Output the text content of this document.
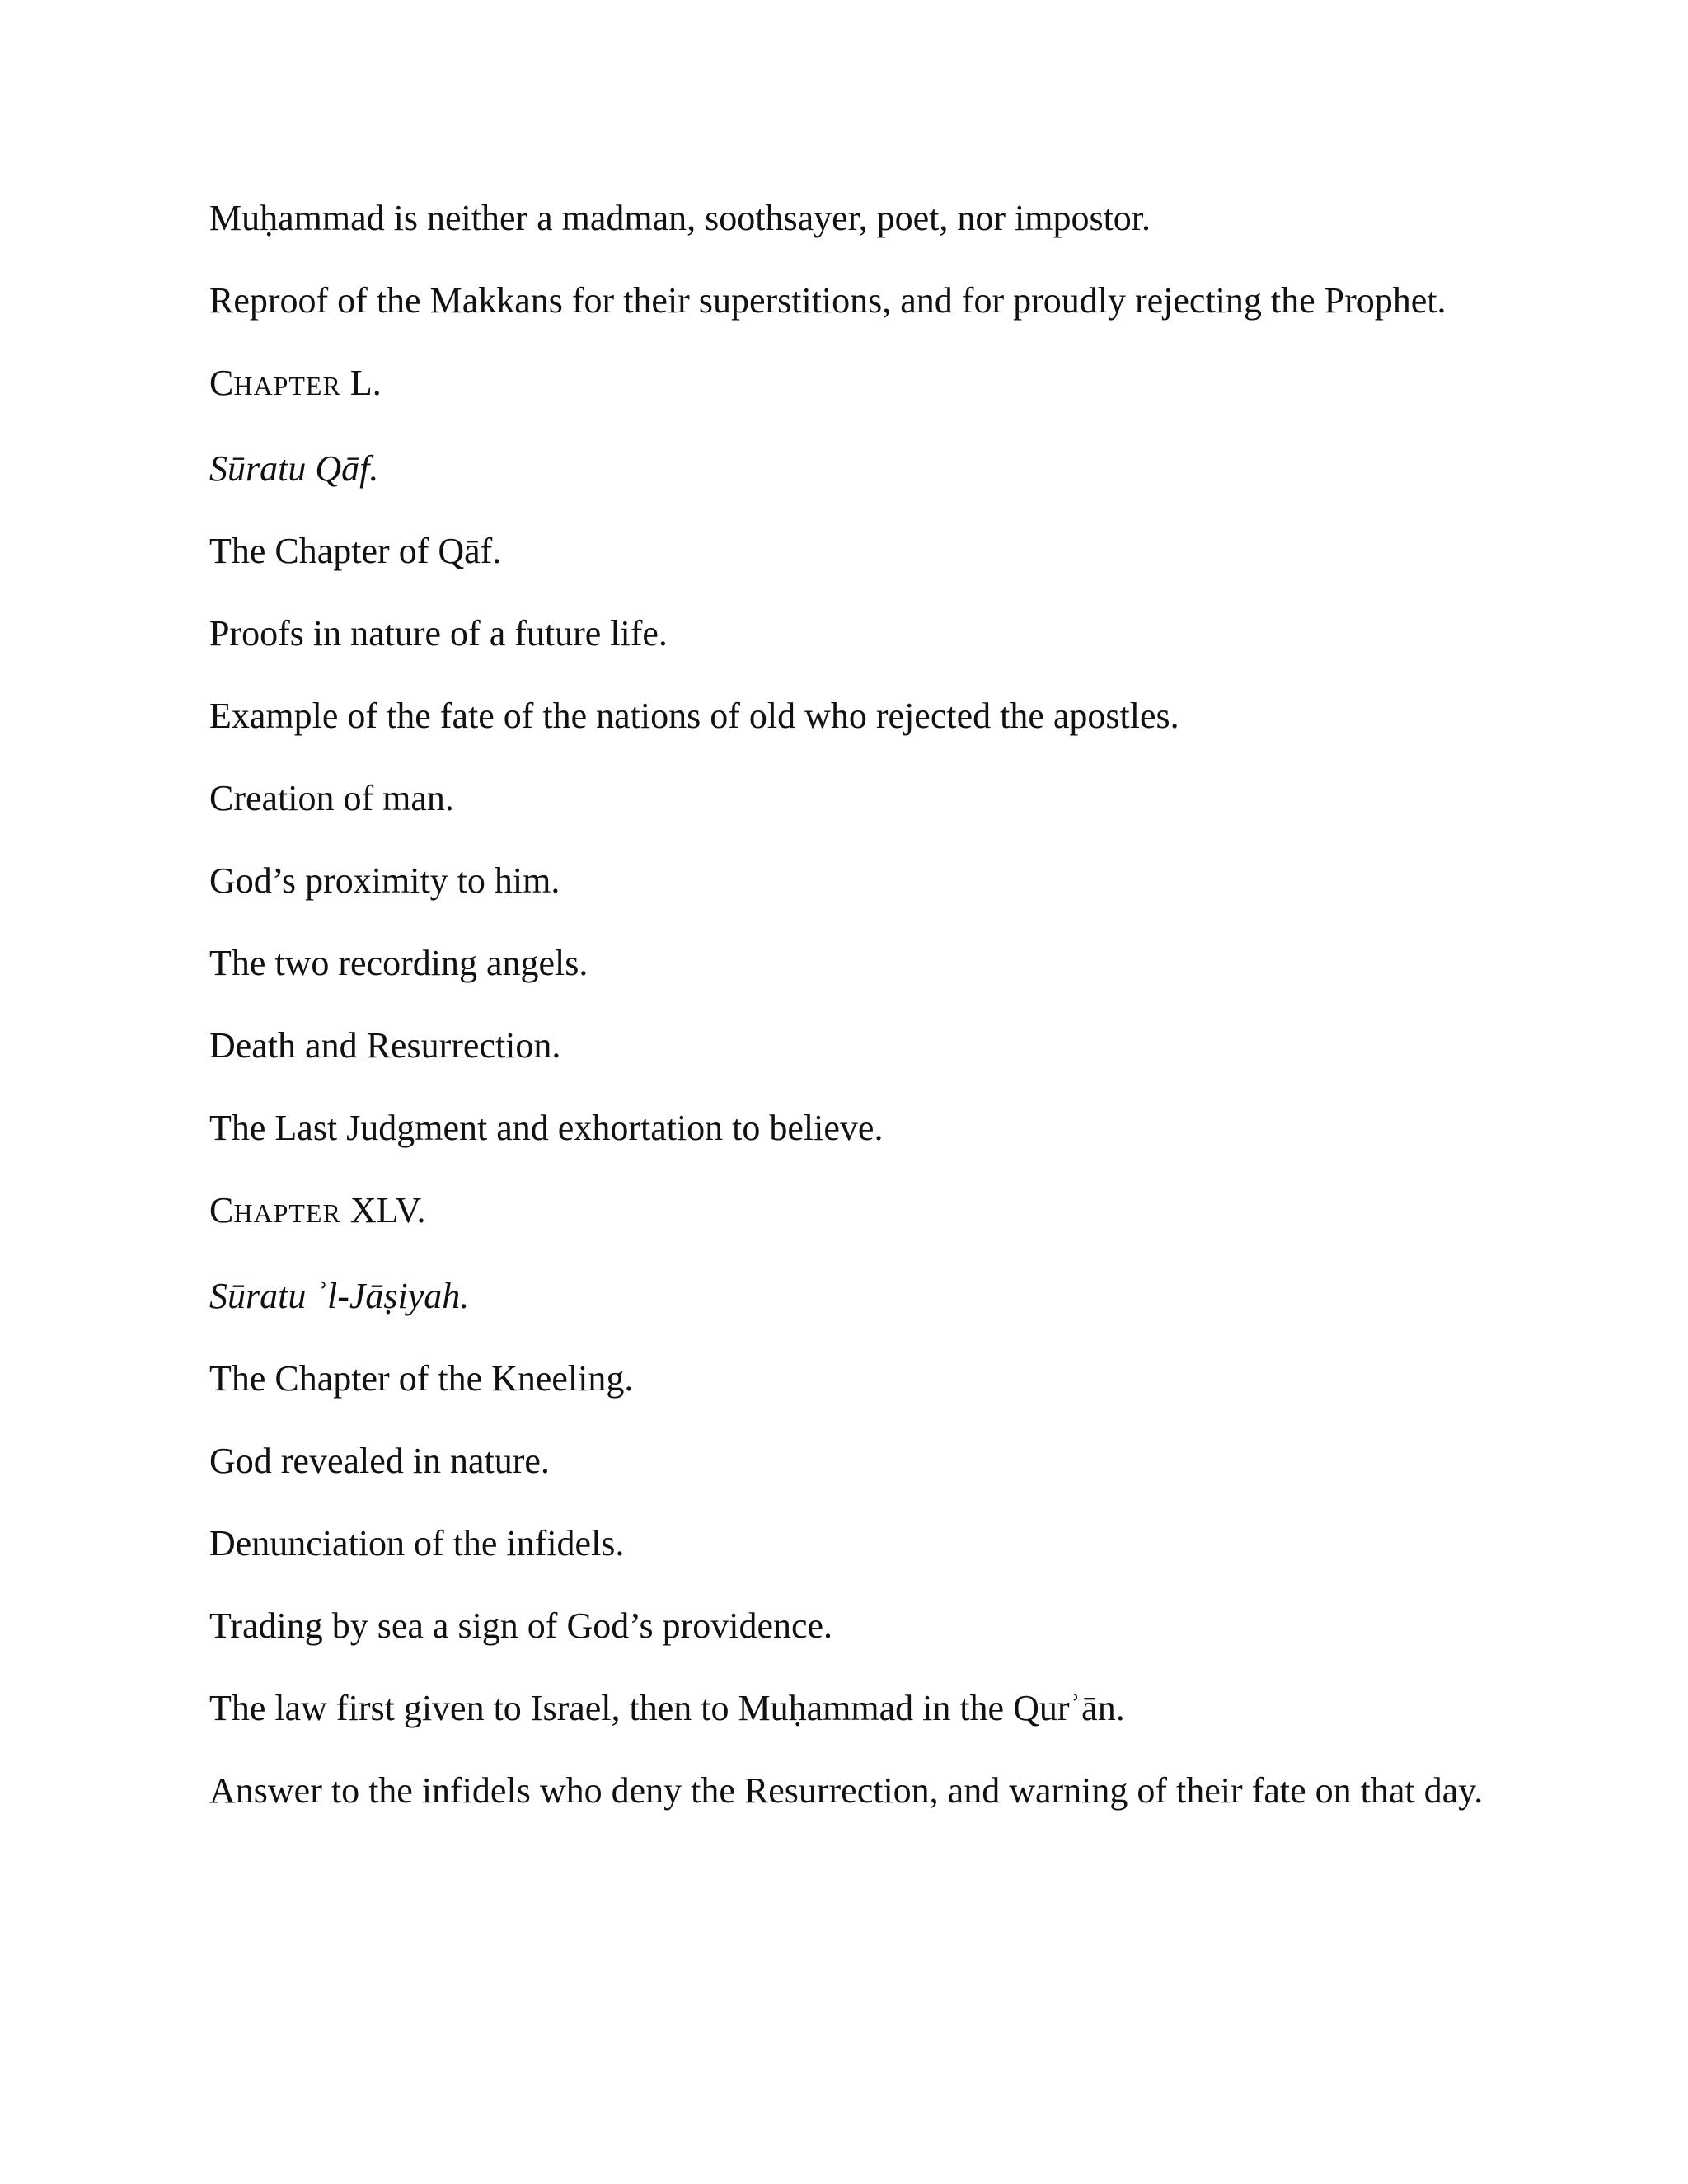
Muḥammad is neither a madman, soothsayer, poet, nor impostor.

Reproof of the Makkans for their superstitions, and for proudly rejecting the Prophet.

CHAPTER L.

Sūratu Qāf.

The Chapter of Qāf.

Proofs in nature of a future life.

Example of the fate of the nations of old who rejected the apostles.

Creation of man.

God’s proximity to him.

The two recording angels.

Death and Resurrection.

The Last Judgment and exhortation to believe.

CHAPTER XLV.

Sūratu ʾl-Jāṣiyah.

The Chapter of the Kneeling.

God revealed in nature.

Denunciation of the infidels.

Trading by sea a sign of God’s providence.

The law first given to Israel, then to Muḥammad in the Qurʾān.

Answer to the infidels who deny the Resurrection, and warning of their fate on that day.
